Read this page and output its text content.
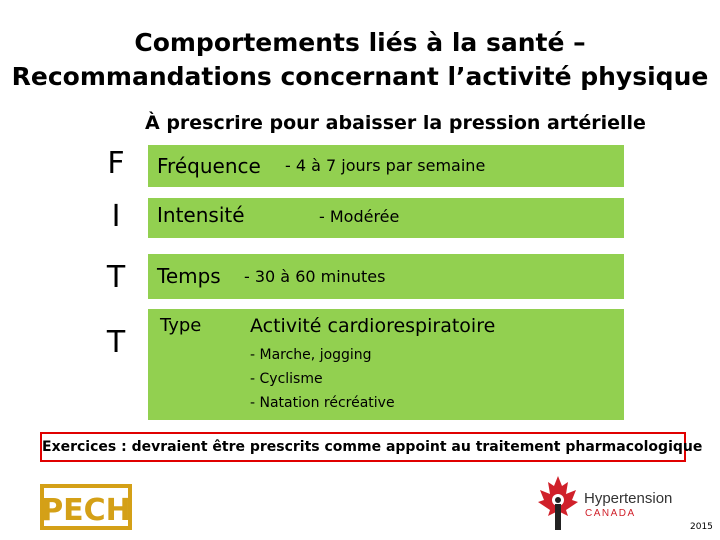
Comportements liés à la santé –
Recommandations concernant l’activité physique
À prescrire pour abaisser la pression artérielle
F	Fréquence - 4 à 7 jours par semaine
I	Intensité	- Modérée
T	Temps - 30 à 60 minutes
T	Type	Activité cardiorespiratoire
- Marche, jogging
- Cyclisme
- Natation récréative
Exercices : devraient être prescrits comme appoint au traitement pharmacologique
PECH	Hypertension
CANADA
2015
